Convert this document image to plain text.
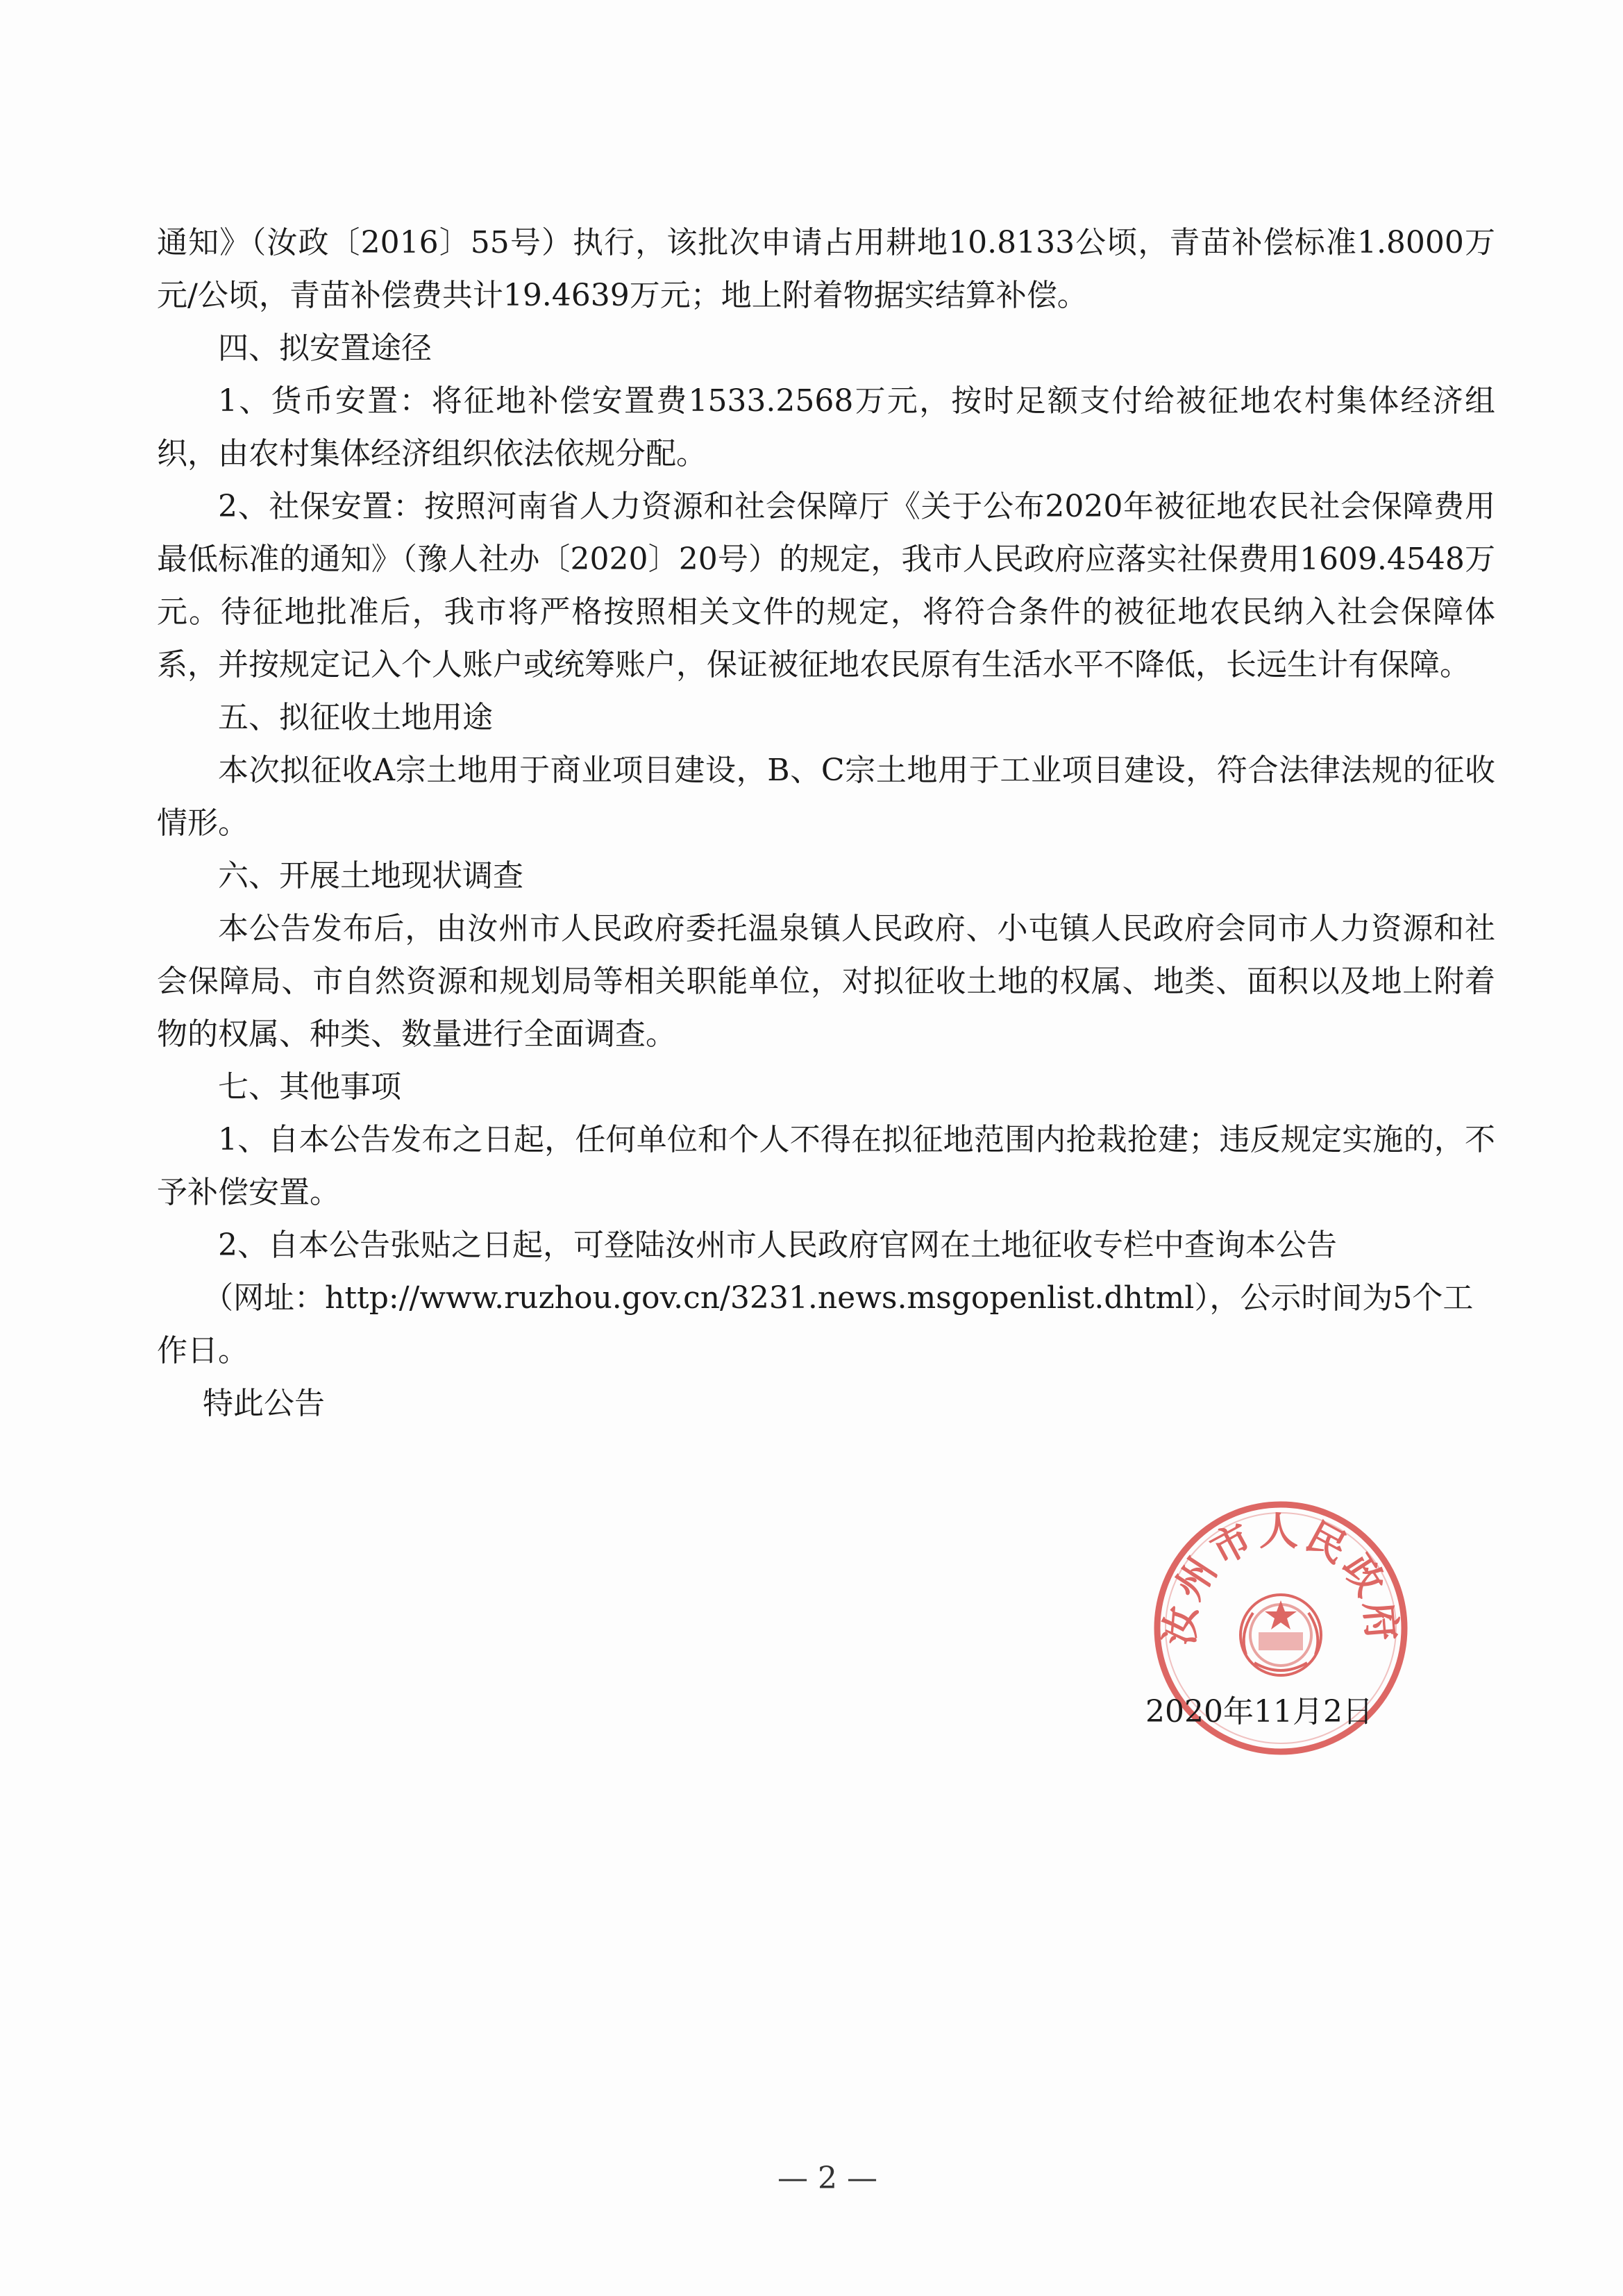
通知》（汝政〔2016〕55号）执行，该批次申请占用耕地10.8133公顷，青苗补偿标准1.8000万元/公顷，青苗补偿费共计19.4639万元；地上附着物据实结算补偿。

四、拟安置途径

1、货币安置：将征地补偿安置费1533.2568万元，按时足额支付给被征地农村集体经济组织，由农村集体经济组织依法依规分配。

2、社保安置：按照河南省人力资源和社会保障厅《关于公布2020年被征地农民社会保障费用最低标准的通知》（豫人社办〔2020〕20号）的规定，我市人民政府应落实社保费用1609.4548万元。待征地批准后，我市将严格按照相关文件的规定，将符合条件的被征地农民纳入社会保障体系，并按规定记入个人账户或统筹账户，保证被征地农民原有生活水平不降低，长远生计有保障。

五、拟征收土地用途

本次拟征收A宗土地用于商业项目建设，B、C宗土地用于工业项目建设，符合法律法规的征收情形。

六、开展土地现状调查

本公告发布后，由汝州市人民政府委托温泉镇人民政府、小屯镇人民政府会同市人力资源和社会保障局、市自然资源和规划局等相关职能单位，对拟征收土地的权属、地类、面积以及地上附着物的权属、种类、数量进行全面调查。

七、其他事项

1、自本公告发布之日起，任何单位和个人不得在拟征地范围内抢栽抢建；违反规定实施的，不予补偿安置。

2、自本公告张贴之日起，可登陆汝州市人民政府官网在土地征收专栏中查询本公告

（网址：http://www.ruzhou.gov.cn/3231.news.msgopenlist.dhtml），公示时间为5个工作日。

特此公告

汝州市人民政府
2020年11月2日
— 2 —
